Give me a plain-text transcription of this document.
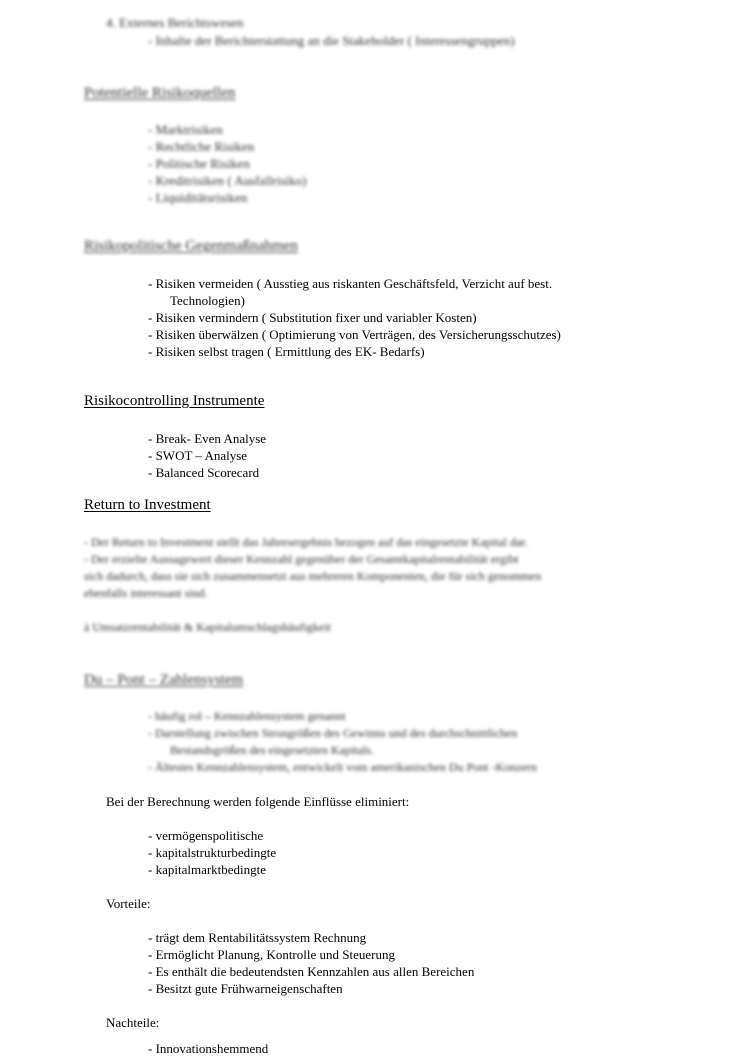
4. Externes Berichtswesen
- Inhalte der Berichterstattung an die Stakeholder ( Interessengruppen)
Potentielle Risikoquellen
- Marktrisiken
- Rechtliche Risiken
- Politische Risiken
- Kreditrisiken ( Ausfallrisiko)
- Liquiditätsrisiken
Risikopolitische Gegenmaßnahmen
- Risiken vermeiden ( Ausstieg aus riskanten Geschäftsfeld, Verzicht auf best.
Technologien)
- Risiken vermindern ( Substitution fixer und variabler Kosten)
- Risiken überwälzen ( Optimierung von Verträgen, des Versicherungsschutzes)
- Risiken selbst tragen ( Ermittlung des EK- Bedarfs)
Risikocontrolling Instrumente
- Break- Even Analyse
- SWOT – Analyse
- Balanced Scorecard
Return to Investment
- Der Return to Investment stellt das Jahresergebnis bezogen auf das eingesetzte Kapital dar.
- Der erzielte Aussagewert dieser Kennzahl gegenüber der Gesamtkapitalrentabilität ergibt
sich dadurch, dass sie sich zusammensetzt aus mehreren Komponenten, die für sich genommen
ebenfalls interessant sind.
à Umsatzrentabilität & Kapitalumschlagshäufigkeit
Du – Pont – Zahlensystem
- häufig rol – Kennzahlensystem genannt
- Darstellung zwischen Strongrößen des Gewinns und des durchschnittlichen
Bestandsgrößen des eingesetzten Kapitals.
- Ältestes Kennzahlensystem, entwickelt vom amerikanischen Du Pont -Konzern
Bei der Berechnung werden folgende Einflüsse eliminiert:
- vermögenspolitische
- kapitalstrukturbedingte
- kapitalmarktbedingte
Vorteile:
- trägt dem Rentabilitätssystem Rechnung
- Ermöglicht Planung, Kontrolle und Steuerung
- Es enthält die bedeutendsten Kennzahlen aus allen Bereichen
- Besitzt gute Frühwarneigenschaften
Nachteile:
- Innovationshemmend
